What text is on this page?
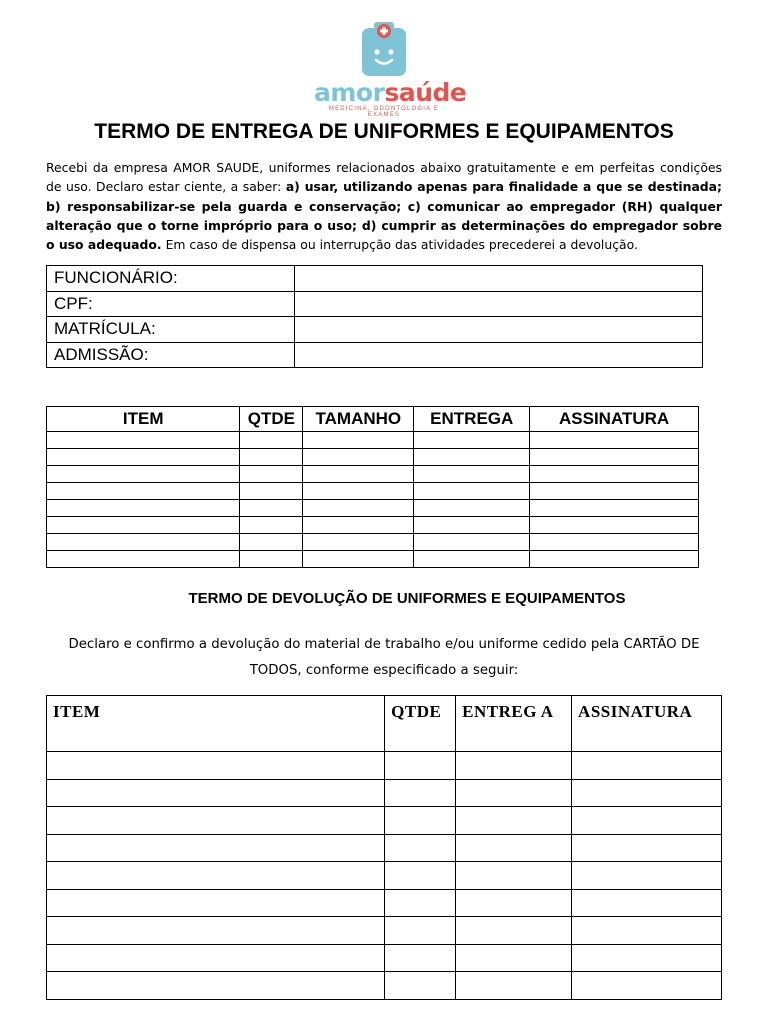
amorsaúde
MEDICINA, ODONTOLOGIA E EXAMES
TERMO DE ENTREGA DE UNIFORMES E EQUIPAMENTOS
Recebi da empresa AMOR SAUDE, uniformes relacionados abaixo gratuitamente e em perfeitas condições de uso. Declaro estar ciente, a saber: a) usar, utilizando apenas para finalidade a que se destinada; b) responsabilizar-se pela guarda e conservação; c) comunicar ao empregador (RH) qualquer alteração que o torne impróprio para o uso; d) cumprir as determinações do empregador sobre o uso adequado. Em caso de dispensa ou interrupção das atividades precederei a devolução.
FUNCIONÁRIO:	
CPF:	
MATRÍCULA:	
ADMISSÃO:	
ITEM	QTDE	TAMANHO	ENTREGA	ASSINATURA

TERMO DE DEVOLUÇÃO DE UNIFORMES E EQUIPAMENTOS
Declaro e confirmo a devolução do material de trabalho e/ou uniforme cedido pela CARTÃO DE TODOS, conforme especificado a seguir:
ITEM	QTDE	ENTREG A	ASSINATURA
